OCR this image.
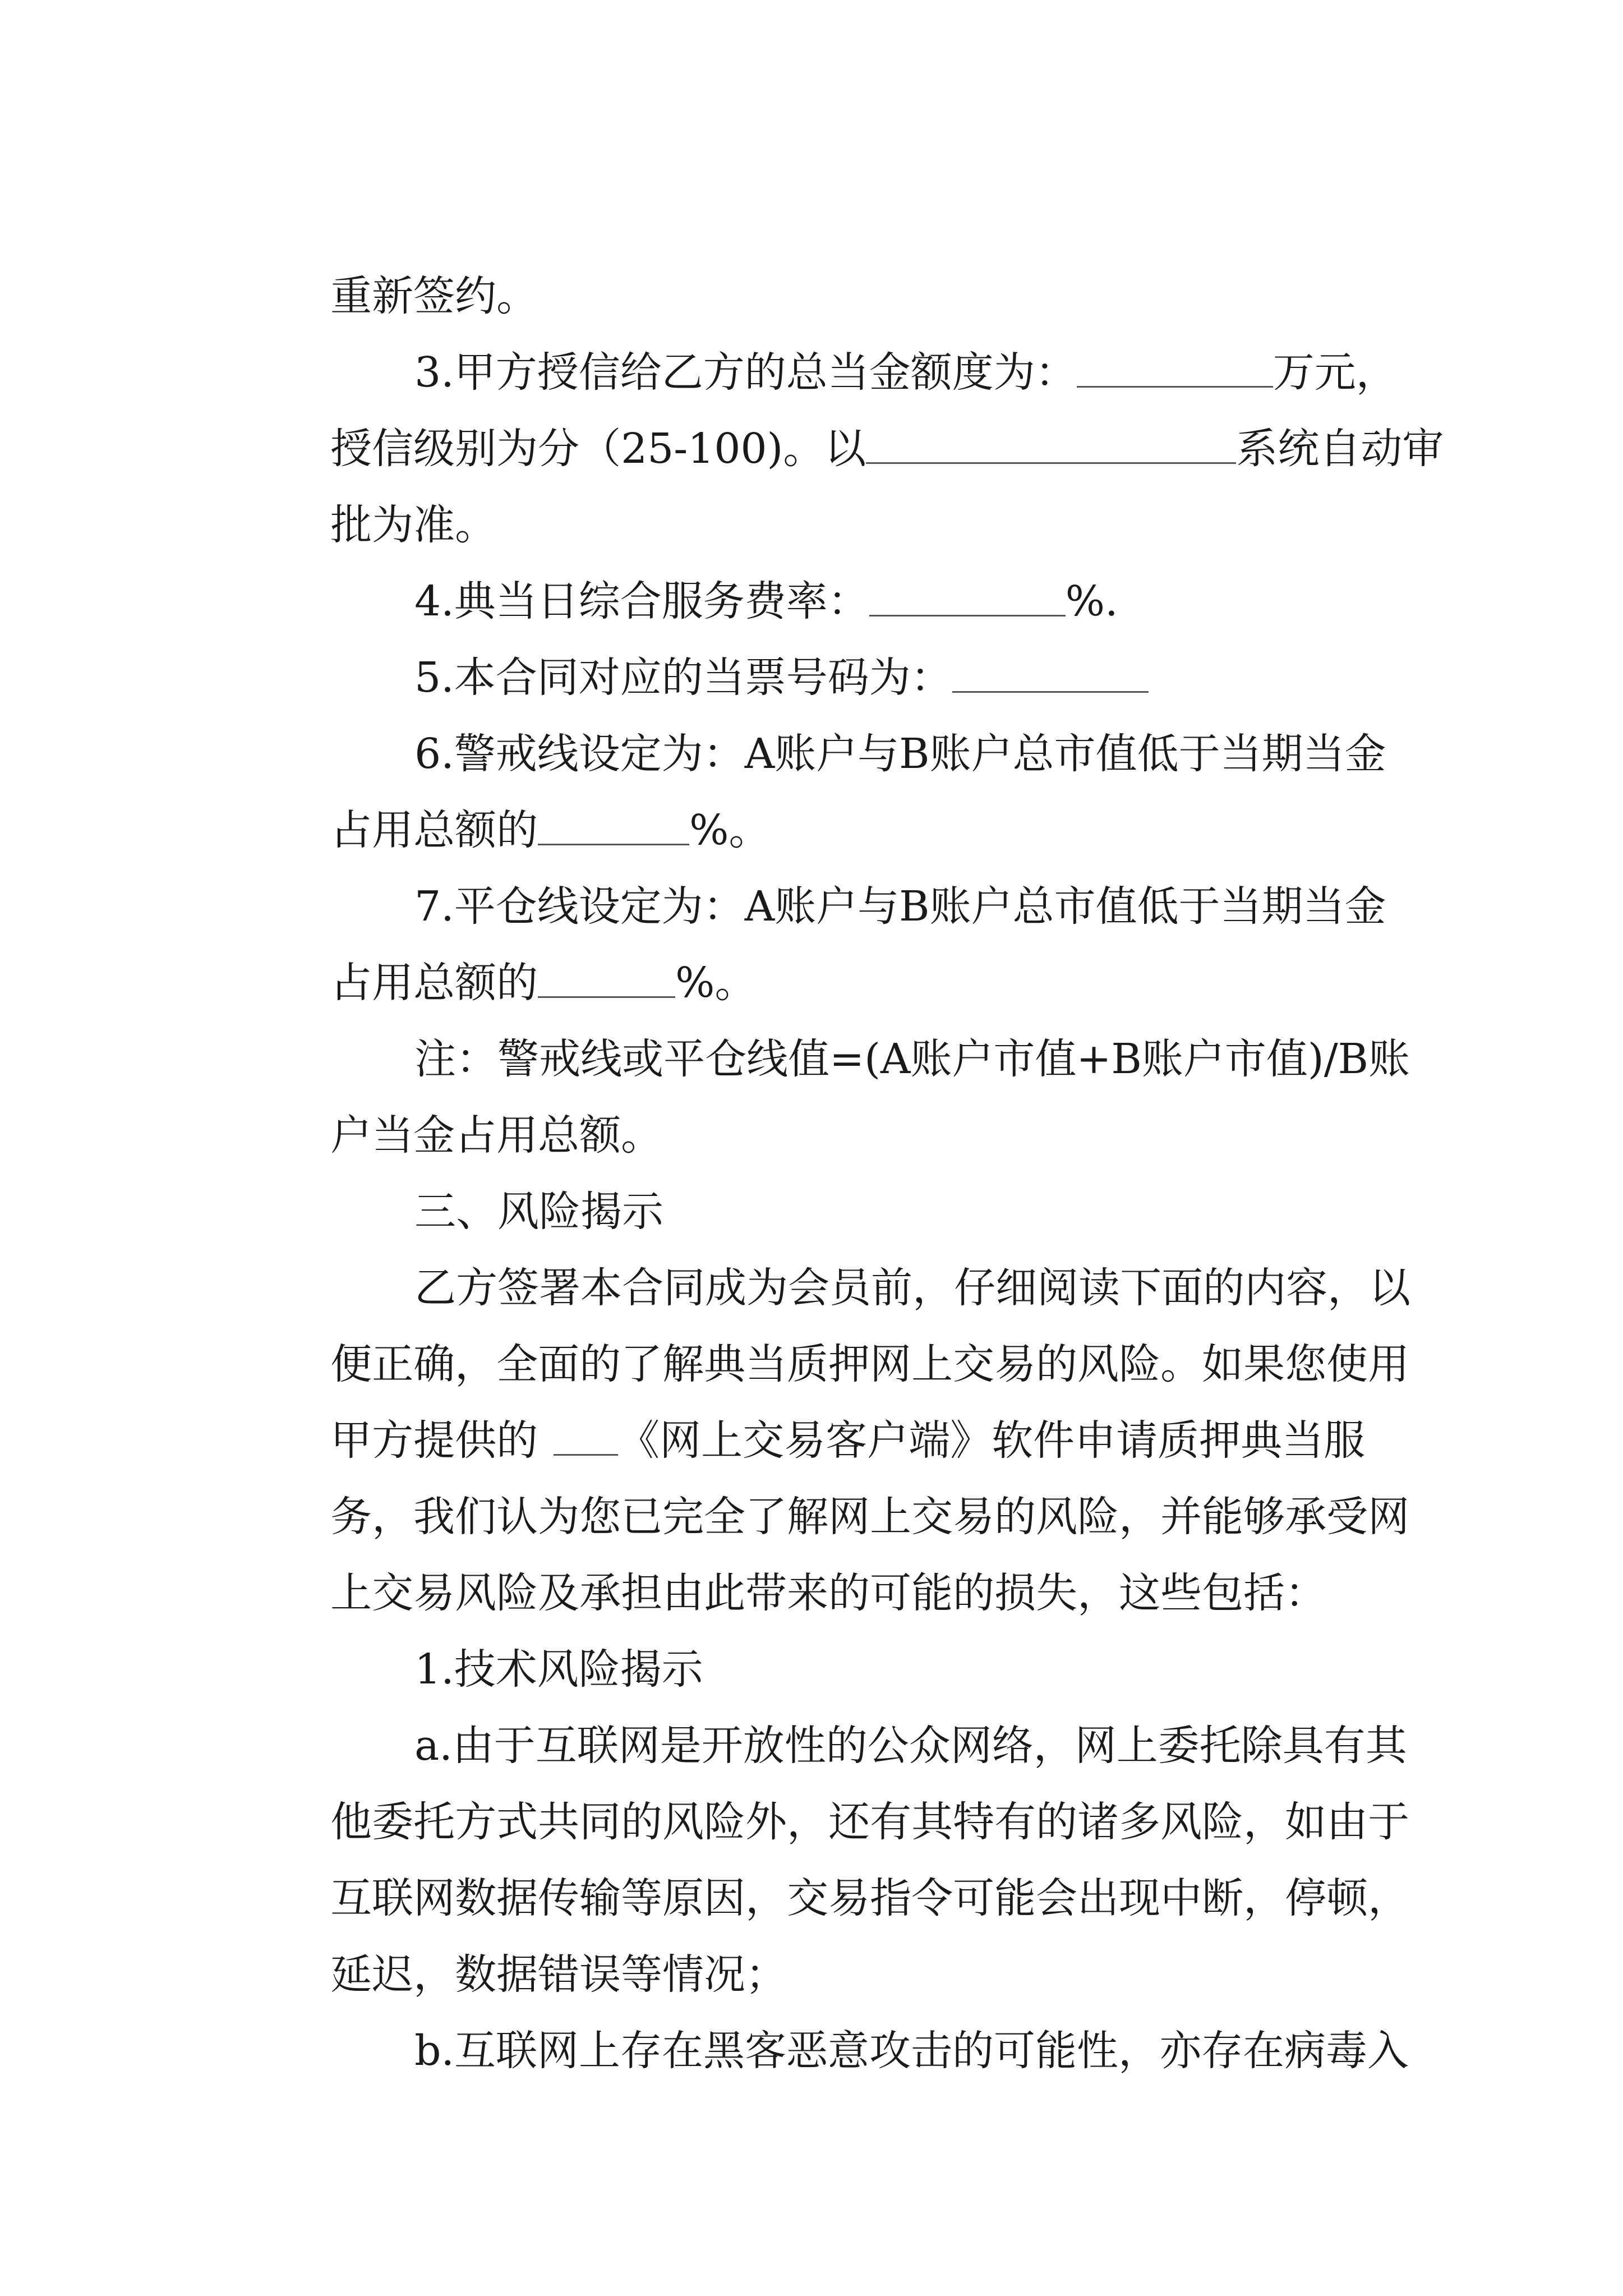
重新签约。

3.甲方授信给乙方的总当金额度为：	万元，

授信级别为分（25-100)。以	系统自动审

批为准。

4.典当日综合服务费率：	%.

5.本合同对应的当票号码为：

6.警戒线设定为：A账户与B账户总市值低于当期当金

占用总额的	%。

7.平仓线设定为：A账户与B账户总市值低于当期当金

占用总额的	%。

注：警戒线或平仓线值=(A账户市值+B账户市值)/B账

户当金占用总额。

三、风险揭示

乙方签署本合同成为会员前，仔细阅读下面的内容，以

便正确，全面的了解典当质押网上交易的风险。如果您使用

甲方提供的 《网上交易客户端》软件申请质押典当服

务，我们认为您已完全了解网上交易的风险，并能够承受网

上交易风险及承担由此带来的可能的损失，这些包括：

1.技术风险揭示

a.由于互联网是开放性的公众网络，网上委托除具有其

他委托方式共同的风险外，还有其特有的诸多风险，如由于

互联网数据传输等原因，交易指令可能会出现中断，停顿，

延迟，数据错误等情况；

b.互联网上存在黑客恶意攻击的可能性，亦存在病毒入
